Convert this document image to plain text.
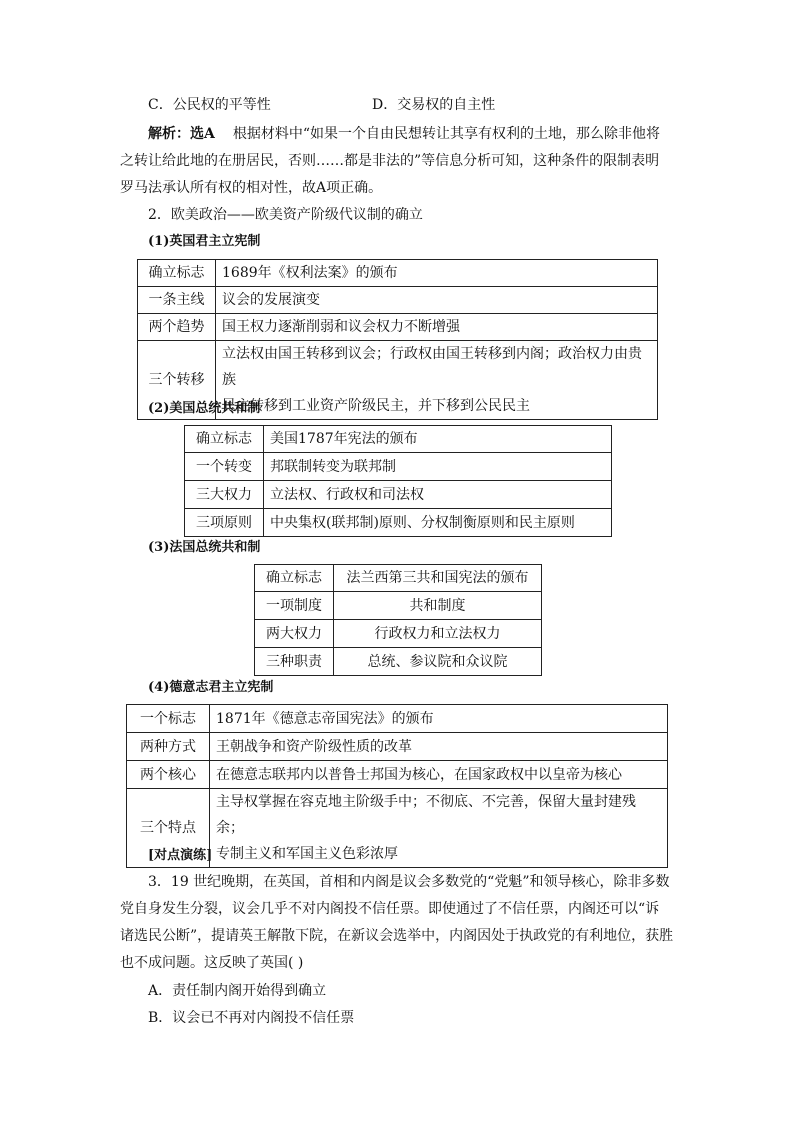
C．公民权的平等性	D．交易权的自主性
解析：选A 根据材料中“如果一个自由民想转让其享有权利的土地，那么除非他将
之转让给此地的在册居民，否则……都是非法的”等信息分析可知，这种条件的限制表明
罗马法承认所有权的相对性，故A项正确。
2．欧美政治——欧美资产阶级代议制的确立
(1)英国君主立宪制
确立标志	1689年《权利法案》的颁布
一条主线	议会的发展演变
两个趋势	国王权力逐渐削弱和议会权力不断增强
三个转移	立法权由国王转移到议会；行政权由国王转移到内阁；政治权力由贵族
民主转移到工业资产阶级民主，并下移到公民民主
(2)美国总统共和制
确立标志	美国1787年宪法的颁布
一个转变	邦联制转变为联邦制
三大权力	立法权、行政权和司法权
三项原则	中央集权(联邦制)原则、分权制衡原则和民主原则
(3)法国总统共和制
确立标志	法兰西第三共和国宪法的颁布
一项制度	共和制度
两大权力	行政权力和立法权力
三种职责	总统、参议院和众议院
(4)德意志君主立宪制
一个标志	1871年《德意志帝国宪法》的颁布
两种方式	王朝战争和资产阶级性质的改革
两个核心	在德意志联邦内以普鲁士邦国为核心，在国家政权中以皇帝为核心
三个特点	主导权掌握在容克地主阶级手中；不彻底、不完善，保留大量封建残余；
专制主义和军国主义色彩浓厚
[对点演练]
3．19 世纪晚期，在英国，首相和内阁是议会多数党的“党魁”和领导核心，除非多数
党自身发生分裂，议会几乎不对内阁投不信任票。即使通过了不信任票，内阁还可以“诉
诸选民公断”，提请英王解散下院，在新议会选举中，内阁因处于执政党的有利地位，获胜
也不成问题。这反映了英国( )
A．责任制内阁开始得到确立
B．议会已不再对内阁投不信任票
